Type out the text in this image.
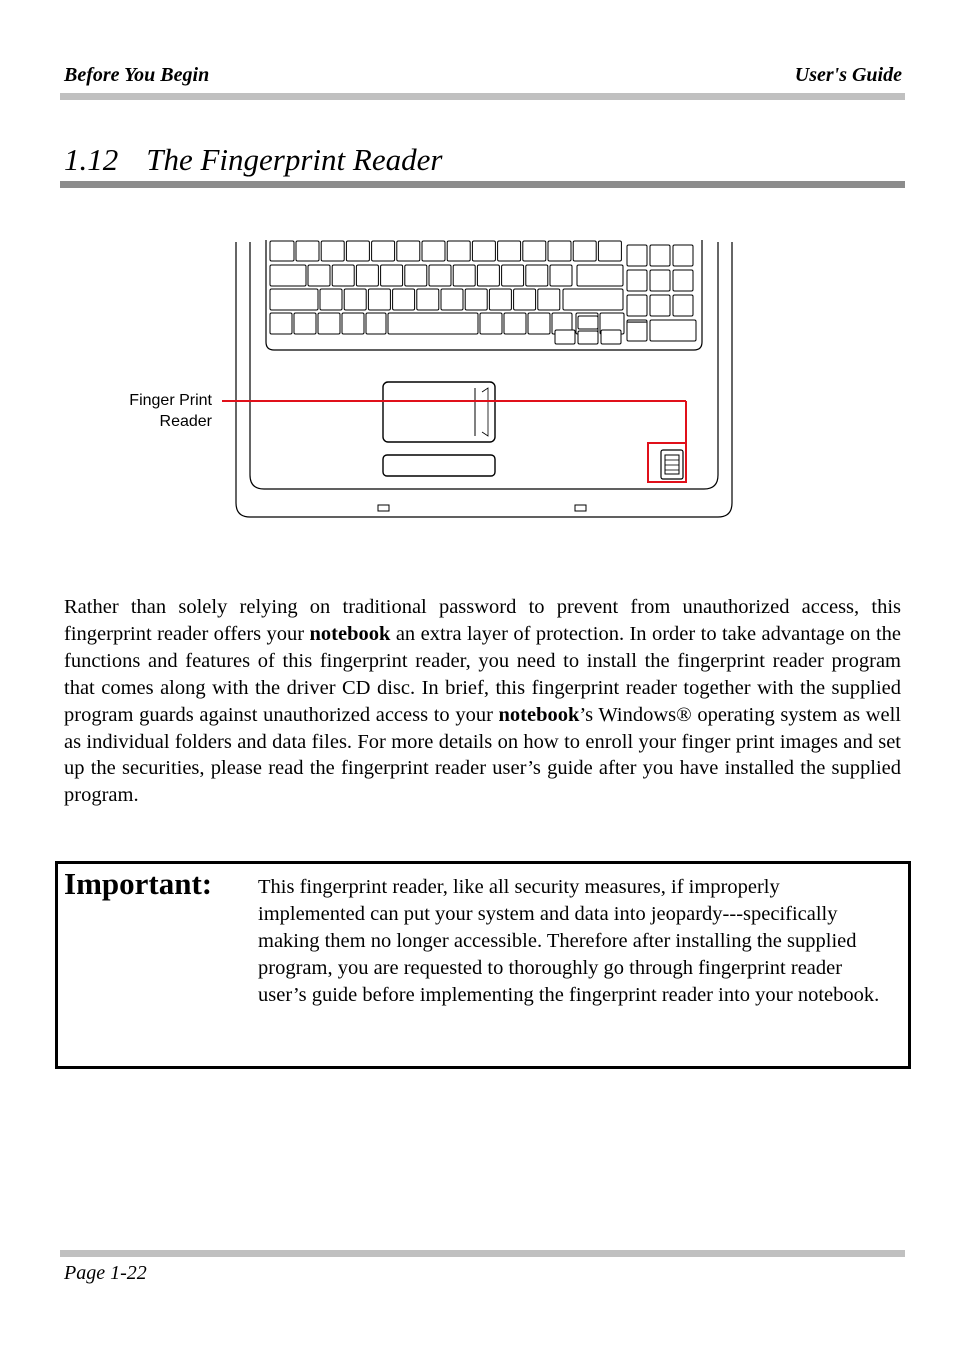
Before You Begin	User's Guide
1.12 The Fingerprint Reader
Finger Print
Reader
Rather than solely relying on traditional password to prevent from unauthorized access, this fingerprint reader offers your notebook an extra layer of protection. In order to take advantage on the functions and features of this fingerprint reader, you need to install the fingerprint reader program that comes along with the driver CD disc. In brief, this fingerprint reader together with the supplied program guards against unauthorized access to your notebook’s Windows® operating system as well as individual folders and data files. For more details on how to enroll your finger print images and set up the securities, please read the fingerprint reader user’s guide after you have installed the supplied program.
Important: This fingerprint reader, like all security measures, if improperly implemented can put your system and data into jeopardy---specifically making them no longer accessible. Therefore after installing the supplied program, you are requested to thoroughly go through fingerprint reader user’s guide before implementing the fingerprint reader into your notebook.
Page 1-22
